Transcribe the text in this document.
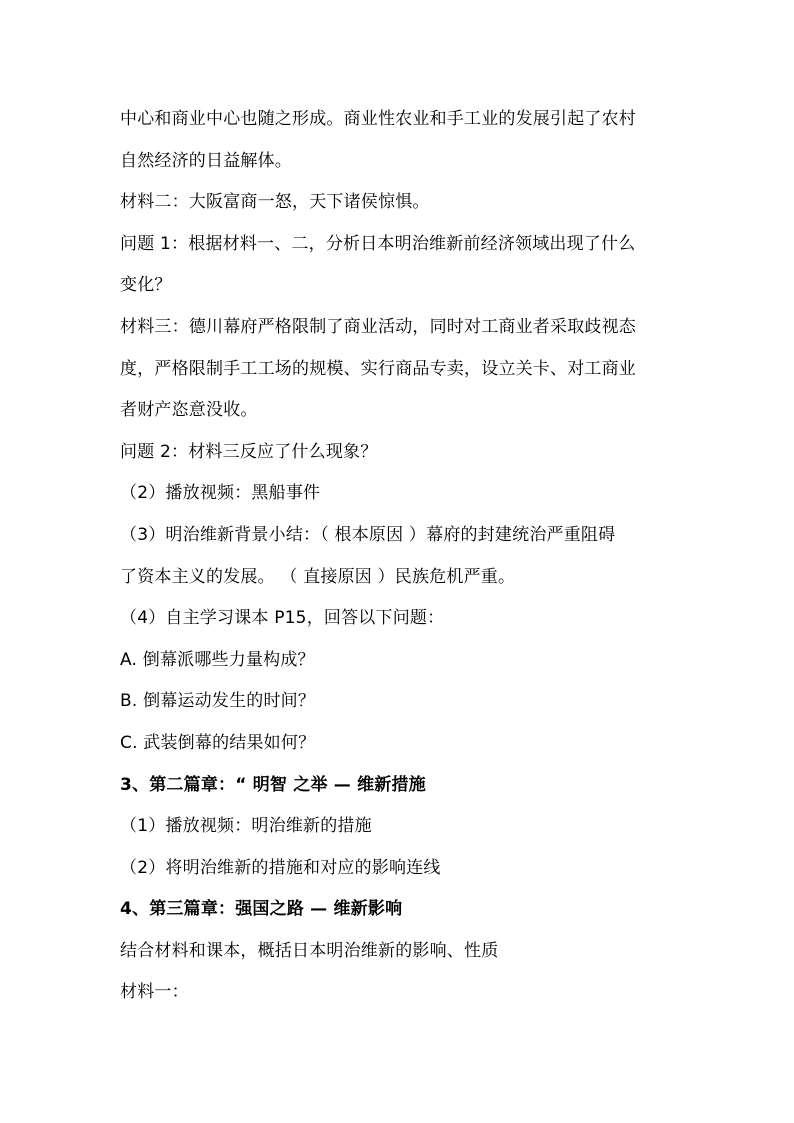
中心和商业中心也随之形成。商业性农业和手工业的发展引起了农村
自然经济的日益解体。
材料二：大阪富商一怒，天下诸侯惊惧。
问题 1：根据材料一、二，分析日本明治维新前经济领域出现了什么
变化？
材料三：德川幕府严格限制了商业活动，同时对工商业者采取歧视态
度，严格限制手工工场的规模、实行商品专卖，设立关卡、对工商业
者财产恣意没收。
问题 2：材料三反应了什么现象？
（2）播放视频：黑船事件
（3）明治维新背景小结：（ 根本原因 ）幕府的封建统治严重阻碍
了资本主义的发展。 （ 直接原因 ）民族危机严重。
（4）自主学习课本 P15，回答以下问题：
A. 倒幕派哪些力量构成？
B. 倒幕运动发生的时间？
C. 武装倒幕的结果如何？
3、第二篇章：“ 明智 之举 — 维新措施
（1）播放视频：明治维新的措施
（2）将明治维新的措施和对应的影响连线
4、第三篇章：强国之路 — 维新影响
结合材料和课本，概括日本明治维新的影响、性质
材料一：
